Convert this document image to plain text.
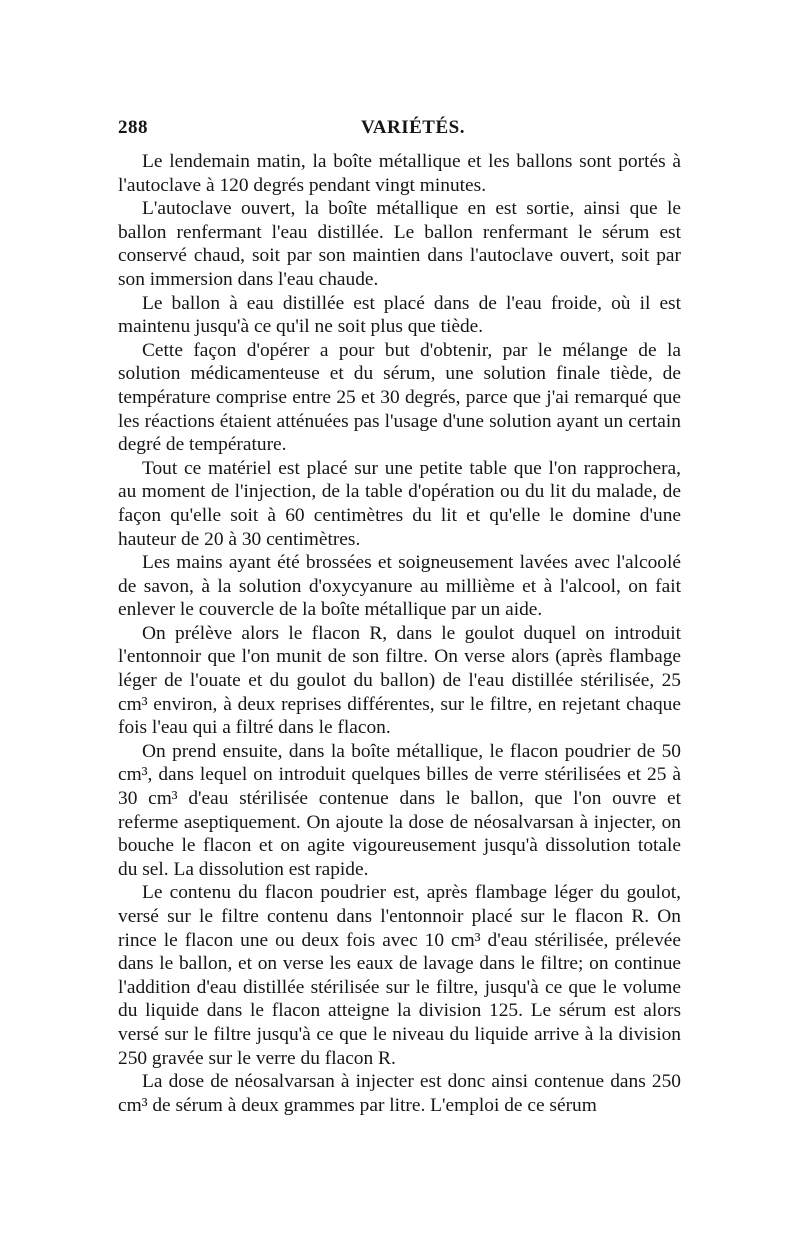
288	VARIÉTÉS.

Le lendemain matin, la boîte métallique et les ballons sont portés à l'autoclave à 120 degrés pendant vingt minutes.

L'autoclave ouvert, la boîte métallique en est sortie, ainsi que le ballon renfermant l'eau distillée. Le ballon renfermant le sérum est conservé chaud, soit par son maintien dans l'autoclave ouvert, soit par son immersion dans l'eau chaude.

Le ballon à eau distillée est placé dans de l'eau froide, où il est maintenu jusqu'à ce qu'il ne soit plus que tiède.

Cette façon d'opérer a pour but d'obtenir, par le mélange de la solution médicamenteuse et du sérum, une solution finale tiède, de température comprise entre 25 et 30 degrés, parce que j'ai remarqué que les réactions étaient atténuées pas l'usage d'une solution ayant un certain degré de température.

Tout ce matériel est placé sur une petite table que l'on rapprochera, au moment de l'injection, de la table d'opération ou du lit du malade, de façon qu'elle soit à 60 centimètres du lit et qu'elle le domine d'une hauteur de 20 à 30 centimètres.

Les mains ayant été brossées et soigneusement lavées avec l'alcoolé de savon, à la solution d'oxycyanure au millième et à l'alcool, on fait enlever le couvercle de la boîte métallique par un aide.

On prélève alors le flacon R, dans le goulot duquel on introduit l'entonnoir que l'on munit de son filtre. On verse alors (après flambage léger de l'ouate et du goulot du ballon) de l'eau distillée stérilisée, 25 cm³ environ, à deux reprises différentes, sur le filtre, en rejetant chaque fois l'eau qui a filtré dans le flacon.

On prend ensuite, dans la boîte métallique, le flacon poudrier de 50 cm³, dans lequel on introduit quelques billes de verre stérilisées et 25 à 30 cm³ d'eau stérilisée contenue dans le ballon, que l'on ouvre et referme aseptiquement. On ajoute la dose de néosalvarsan à injecter, on bouche le flacon et on agite vigoureusement jusqu'à dissolution totale du sel. La dissolution est rapide.

Le contenu du flacon poudrier est, après flambage léger du goulot, versé sur le filtre contenu dans l'entonnoir placé sur le flacon R. On rince le flacon une ou deux fois avec 10 cm³ d'eau stérilisée, prélevée dans le ballon, et on verse les eaux de lavage dans le filtre; on continue l'addition d'eau distillée stérilisée sur le filtre, jusqu'à ce que le volume du liquide dans le flacon atteigne la division 125. Le sérum est alors versé sur le filtre jusqu'à ce que le niveau du liquide arrive à la division 250 gravée sur le verre du flacon R.

La dose de néosalvarsan à injecter est donc ainsi contenue dans 250 cm³ de sérum à deux grammes par litre. L'emploi de ce sérum
